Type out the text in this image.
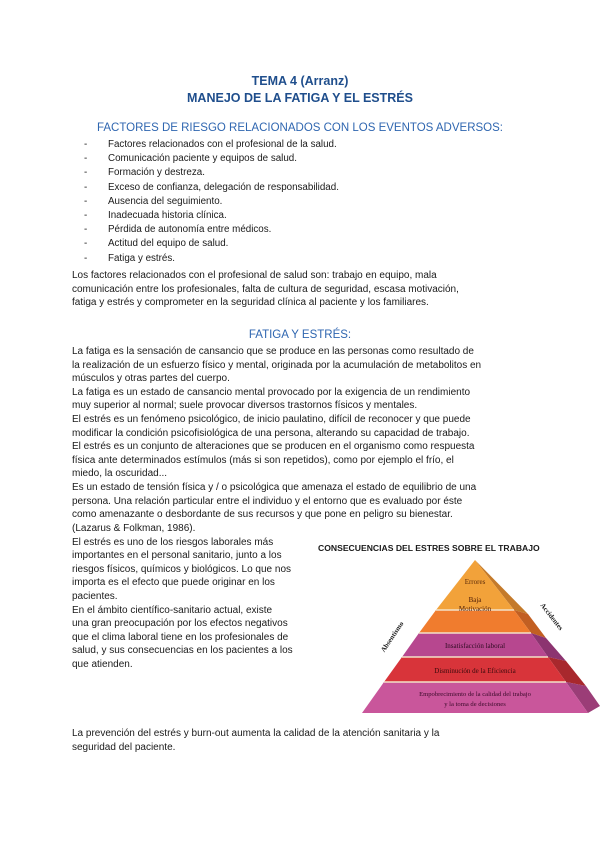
TEMA 4 (Arranz)
MANEJO DE LA FATIGA Y EL ESTRÉS
FACTORES DE RIESGO RELACIONADOS CON LOS EVENTOS ADVERSOS:
- Factores relacionados con el profesional de la salud.
- Comunicación paciente y equipos de salud.
- Formación y destreza.
- Exceso de confianza, delegación de responsabilidad.
- Ausencia del seguimiento.
- Inadecuada historia clínica.
- Pérdida de autonomía entre médicos.
- Actitud del equipo de salud.
- Fatiga y estrés.

Los factores relacionados con el profesional de salud son: trabajo en equipo, mala
comunicación entre los profesionales, falta de cultura de seguridad, escasa motivación,
fatiga y estrés y comprometer en la seguridad clínica al paciente y los familiares.

FATIGA Y ESTRÉS:

La fatiga es la sensación de cansancio que se produce en las personas como resultado de
la realización de un esfuerzo físico y mental, originada por la acumulación de metabolitos en
músculos y otras partes del cuerpo.
La fatiga es un estado de cansancio mental provocado por la exigencia de un rendimiento
muy superior al normal; suele provocar diversos trastornos físicos y mentales.
El estrés es un fenómeno psicológico, de inicio paulatino, difícil de reconocer y que puede
modificar la condición psicofisiológica de una persona, alterando su capacidad de trabajo.
El estrés es un conjunto de alteraciones que se producen en el organismo como respuesta
física ante determinados estímulos (más si son repetidos), como por ejemplo el frío, el
miedo, la oscuridad...
Es un estado de tensión física y / o psicológica que amenaza el estado de equilibrio de una
persona. Una relación particular entre el individuo y el entorno que es evaluado por éste
como amenazante o desbordante de sus recursos y que pone en peligro su bienestar.

(Lazarus & Folkman, 1986).
El estrés es uno de los riesgos laborales más
importantes en el personal sanitario, junto a los
riesgos físicos, químicos y biológicos. Lo que nos
importa es el efecto que puede originar en los
pacientes.
En el ámbito científico-sanitario actual, existe
una gran preocupación por los efectos negativos
que el clima laboral tiene en los profesionales de
salud, y sus consecuencias en los pacientes a los
que atienden.

CONSECUENCIAS DEL ESTRES SOBRE EL TRABAJO
Errores
Baja
Motivación
Insatisfacción laboral
Disminución de la Eficiencia
Empobrecimiento de la calidad del trabajo
y la toma de decisiones
Absentismo
Accidentes

La prevención del estrés y burn-out aumenta la calidad de la atención sanitaria y la
seguridad del paciente.
